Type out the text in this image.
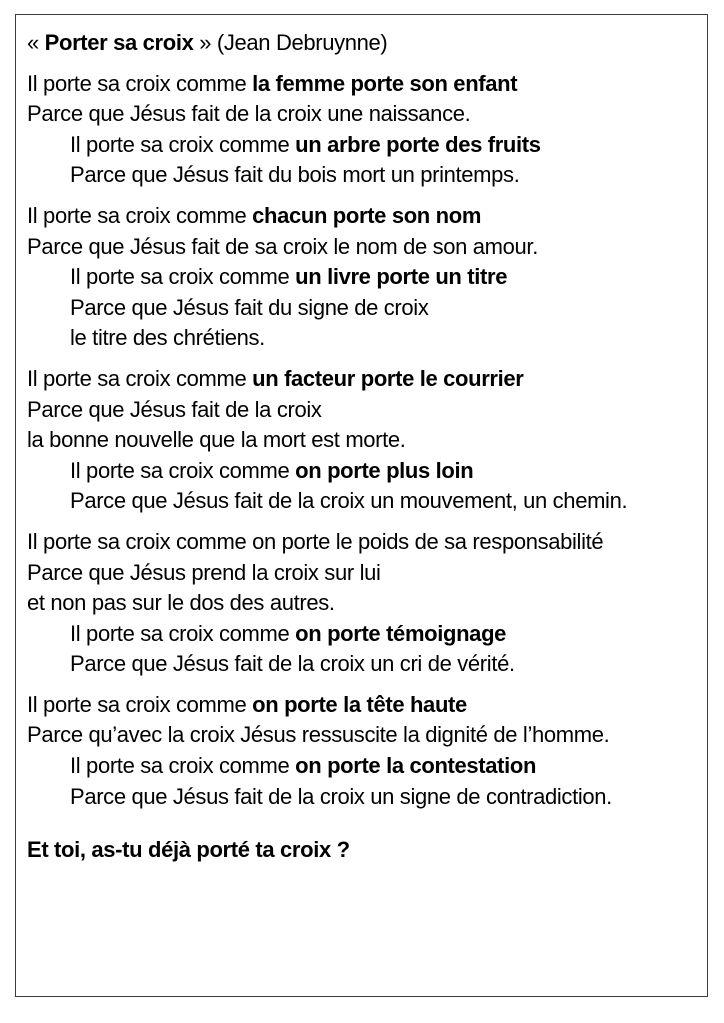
« Porter sa croix » (Jean Debruynne)
Il porte sa croix comme la femme porte son enfant
Parce que Jésus fait de la croix une naissance.
Il porte sa croix comme un arbre porte des fruits
Parce que Jésus fait du bois mort un printemps.
Il porte sa croix comme chacun porte son nom
Parce que Jésus fait de sa croix le nom de son amour.
Il porte sa croix comme un livre porte un titre
Parce que Jésus fait du signe de croix
le titre des chrétiens.
Il porte sa croix comme un facteur porte le courrier
Parce que Jésus fait de la croix
la bonne nouvelle que la mort est morte.
Il porte sa croix comme on porte plus loin
Parce que Jésus fait de la croix un mouvement, un chemin.
Il porte sa croix comme on porte le poids de sa responsabilité
Parce que Jésus prend la croix sur lui
et non pas sur le dos des autres.
Il porte sa croix comme on porte témoignage
Parce que Jésus fait de la croix un cri de vérité.
Il porte sa croix comme on porte la tête haute
Parce qu’avec la croix Jésus ressuscite la dignité de l’homme.
Il porte sa croix comme on porte la contestation
Parce que Jésus fait de la croix un signe de contradiction.
Et toi, as-tu déjà porté ta croix ?
